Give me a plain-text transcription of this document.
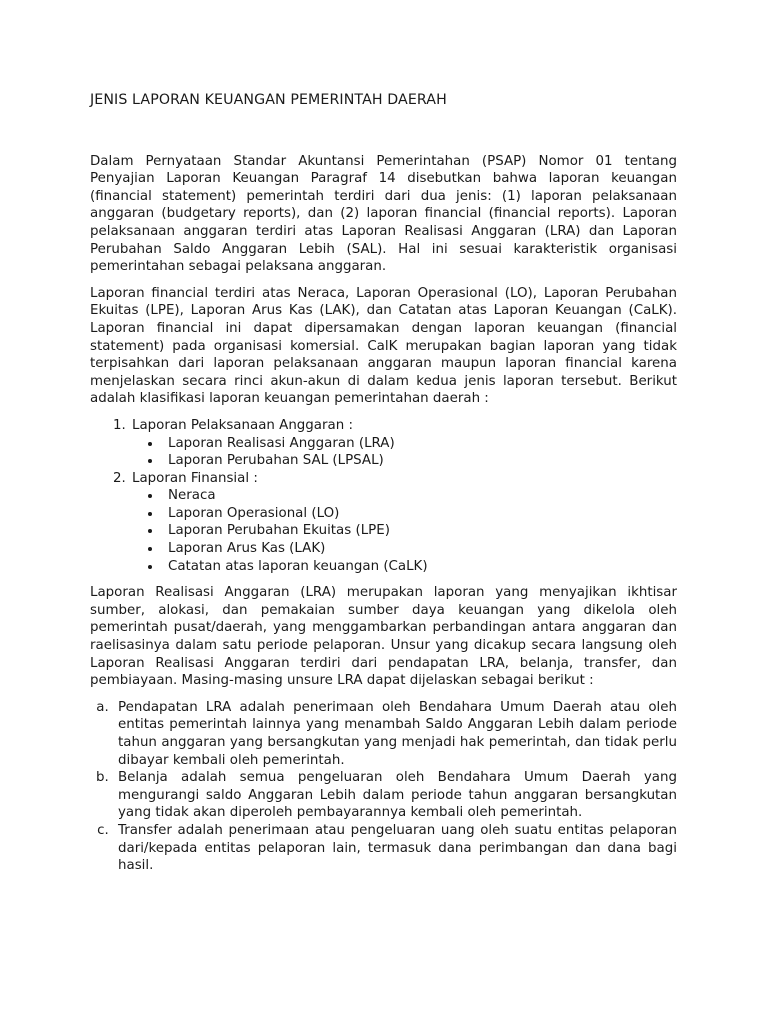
JENIS LAPORAN KEUANGAN PEMERINTAH DAERAH

Dalam Pernyataan Standar Akuntansi Pemerintahan (PSAP) Nomor 01 tentang Penyajian Laporan Keuangan Paragraf 14 disebutkan bahwa laporan keuangan (financial statement) pemerintah terdiri dari dua jenis: (1) laporan pelaksanaan anggaran (budgetary reports), dan (2) laporan financial (financial reports). Laporan pelaksanaan anggaran terdiri atas Laporan Realisasi Anggaran (LRA) dan Laporan Perubahan Saldo Anggaran Lebih (SAL). Hal ini sesuai karakteristik organisasi pemerintahan sebagai pelaksana anggaran.

Laporan financial terdiri atas Neraca, Laporan Operasional (LO), Laporan Perubahan Ekuitas (LPE), Laporan Arus Kas (LAK), dan Catatan atas Laporan Keuangan (CaLK). Laporan financial ini dapat dipersamakan dengan laporan keuangan (financial statement) pada organisasi komersial. CalK merupakan bagian laporan yang tidak terpisahkan dari laporan pelaksanaan anggaran maupun laporan financial karena menjelaskan secara rinci akun-akun di dalam kedua jenis laporan tersebut. Berikut adalah klasifikasi laporan keuangan pemerintahan daerah :

1. Laporan Pelaksanaan Anggaran :
• Laporan Realisasi Anggaran (LRA)
• Laporan Perubahan SAL (LPSAL)
2. Laporan Finansial :
• Neraca
• Laporan Operasional (LO)
• Laporan Perubahan Ekuitas (LPE)
• Laporan Arus Kas (LAK)
• Catatan atas laporan keuangan (CaLK)

Laporan Realisasi Anggaran (LRA) merupakan laporan yang menyajikan ikhtisar sumber, alokasi, dan pemakaian sumber daya keuangan yang dikelola oleh pemerintah pusat/daerah, yang menggambarkan perbandingan antara anggaran dan raelisasinya dalam satu periode pelaporan. Unsur yang dicakup secara langsung oleh Laporan Realisasi Anggaran terdiri dari pendapatan LRA, belanja, transfer, dan pembiayaan. Masing-masing unsure LRA dapat dijelaskan sebagai berikut :

a. Pendapatan LRA adalah penerimaan oleh Bendahara Umum Daerah atau oleh entitas pemerintah lainnya yang menambah Saldo Anggaran Lebih dalam periode tahun anggaran yang bersangkutan yang menjadi hak pemerintah, dan tidak perlu dibayar kembali oleh pemerintah.
b. Belanja adalah semua pengeluaran oleh Bendahara Umum Daerah yang mengurangi saldo Anggaran Lebih dalam periode tahun anggaran bersangkutan yang tidak akan diperoleh pembayarannya kembali oleh pemerintah.
c. Transfer adalah penerimaan atau pengeluaran uang oleh suatu entitas pelaporan dari/kepada entitas pelaporan lain, termasuk dana perimbangan dan dana bagi hasil.
